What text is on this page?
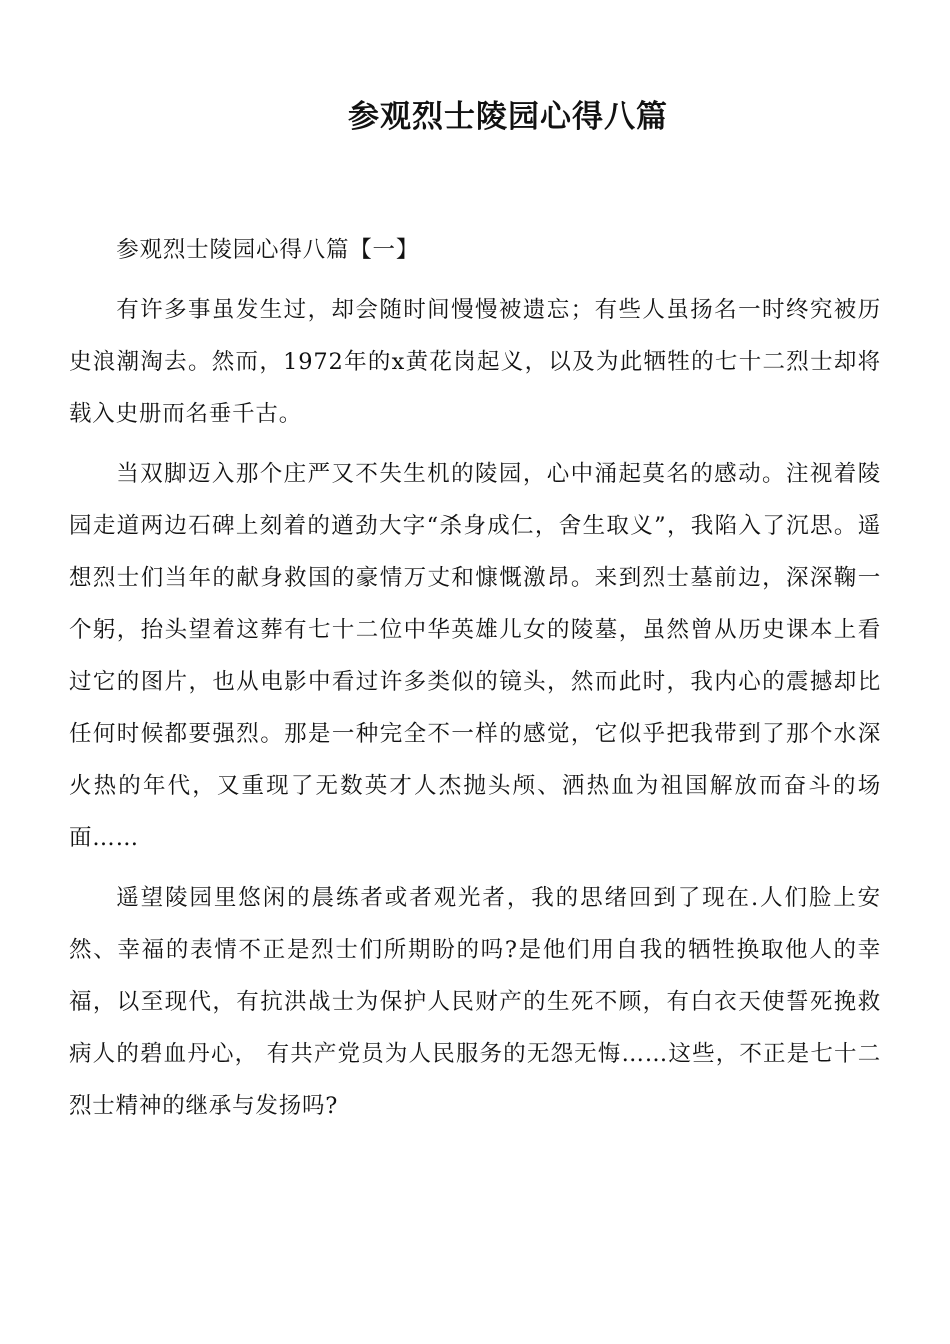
参观烈士陵园心得八篇

参观烈士陵园心得八篇【一】

有许多事虽发生过，却会随时间慢慢被遗忘；有些人虽扬名一时终究被历史浪潮淘去。然而，1972年的x黄花岗起义，以及为此牺牲的七十二烈士却将载入史册而名垂千古。

当双脚迈入那个庄严又不失生机的陵园，心中涌起莫名的感动。注视着陵园走道两边石碑上刻着的遒劲大字“杀身成仁，舍生取义”，我陷入了沉思。遥想烈士们当年的献身救国的豪情万丈和慷慨激昂。来到烈士墓前边，深深鞠一个躬，抬头望着这葬有七十二位中华英雄儿女的陵墓，虽然曾从历史课本上看过它的图片，也从电影中看过许多类似的镜头，然而此时，我内心的震撼却比任何时候都要强烈。那是一种完全不一样的感觉，它似乎把我带到了那个水深火热的年代，又重现了无数英才人杰抛头颅、洒热血为祖国解放而奋斗的场面……

遥望陵园里悠闲的晨练者或者观光者，我的思绪回到了现在.人们脸上安然、幸福的表情不正是烈士们所期盼的吗?是他们用自我的牺牲换取他人的幸福，以至现代，有抗洪战士为保护人民财产的生死不顾，有白衣天使誓死挽救病人的碧血丹心， 有共产党员为人民服务的无怨无悔……这些，不正是七十二烈士精神的继承与发扬吗?
